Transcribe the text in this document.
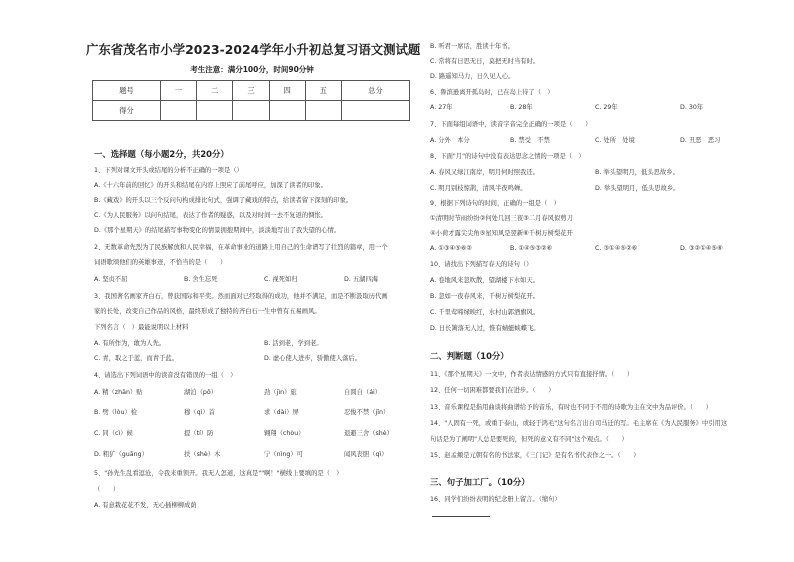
广东省茂名市小学2023-2024学年小升初总复习语文测试题
考生注意：满分100分，时间90分钟
题号	一	二	三	四	五	总分
得分						
一、选择题（每小题2分，共20分）
1、下列对课文开头或结尾的分析不正确的一项是（）
A.《十六年前的回忆》的开头和结尾在内容上照应了前尾呼应，加深了读者的印象。
B.《藏戏》的开头以三个反问句构成排比句式，强调了藏戏的特点，给读者留下深刻的印象。
C.《为人民服务》以问句结尾，表达了作者的疑惑，以及对时间一去不复返的惆怅。
D.《那个星期天》的结尾描写事物变化的情景拥抱期间中，淡淡地写出了我失望的心情。
2、无数革命先烈为了民族解放和人民幸福，在革命事业的道路上用自己的生命谱写了壮烈的篇章，用一个
词语歌颂他们的英雄事迹，不恰当的是（　　）
A. 坚贞不屈	B. 舍生忘死	C. 视死如归	D. 五湖四海
3、我国著名画家齐白石，曾获国际和平奖。然而面对已经取得的成功，他并不满足，而是不断汲取历代画
家的长处，改变自己作品的风格，最终形成了独特的齐白石一生中曾有五易画风。
下列名言（　）最能说明以上材料
A. 有所作为，敢为人先。	B. 活到老，学到老。
C. 青，取之于蓝，而青于蓝。	D. 虚心使人进步，骄傲使人落后。
4、请选出下列词语中的读音没有错误的一组（　）
A. 精（zhān）贴	湖泊（pō）	劲（jìn）旅	自圆自（ái）
B. 劈（lòu）检	穆（qì）首	求（dài）屏	忍俊不禁（jīn）
C. 同（cì）候	提（tí）防	翱翔（chòu）	退避三舍（shè）
D. 粗犷（guāng）	扶（shè）木	宁（nìng）可	闻风丧胆（qì）
5、"孙先生乱看逗沧，令我来重领开。我无人怎道，这真是""啊！"横线上要填的是（　）
（　　）
A. 有意栽花花不发，无心插柳柳成荫
B. 听君一席话，胜读十年书。
C. 常将有日思无日，莫把无时当有时。
D. 路遥知马力，日久见人心。
6、鲁滨逊离开孤岛时，已在岛上待了（　）
A. 27年	B. 28年	C. 29年	D. 30年
7、下面每组词语中，读音字音完全正确的一项是（　　）
A. 分外　本分	B. 禁受　不禁	C. 处所　处境	D. 丑恶　恶习
8、下面"月"的诗句中没有表达思念之情的一项是（　）
A. 春风又绿江南岸，明月何时照我还。	B. 举头望明月，低头思故乡。
C. 明月别枝惊鹊，清风半夜鸣蝉。	D. 举头望明月，低头思故乡。
9、根据下列诗句的时间，正确的一组是（　）
①清明时节雨纷纷②何处几回三夜③二月春风似剪刀
④小荷才露尖尖角⑤星知风是翌新⑥千树万树梨花开
A. ①③④⑤⑥②	B. ①④⑤③②⑥	C. ③①④⑤②⑥	D. ③②①④⑤⑥
10、请找出下列描写春天的诗句（）
A. 卷地风来忽吹散，望湖楼下水如天。
B. 忽如一夜春风来，千树万树梨花开。
C. 千里莺啼绿映红，水村山郭酒旗风。
D. 日长篱落无人过，惟有蜻蜓蛱蝶飞。
二、判断题（10分）
11、《那个星期天》一文中，作者表达情感的方式只有直接抒情。（　　）
12、任何一切困难都要我们在进步。（　　）
13、音乐课程是指用曲谈将曲谱给予的音乐，有时也不同于不用的诗歌为主在文中为品评价。（　　）
14、"人固有一死，或重于泰山，或轻于鸿毛"这句名言出自司马迁的写。毛主席在《为人民服务》中引用这
句话是为了阐明"人总是要死的，但死的意义有不同"这个观点。（　　）
15、赵孟頫是元朝有名的书法家，《三门记》是有名书代表作之一。（　　）
三、句子加工厂。（10分）
16、同学们纷纷表明的纪念册上留言。（缩句）
